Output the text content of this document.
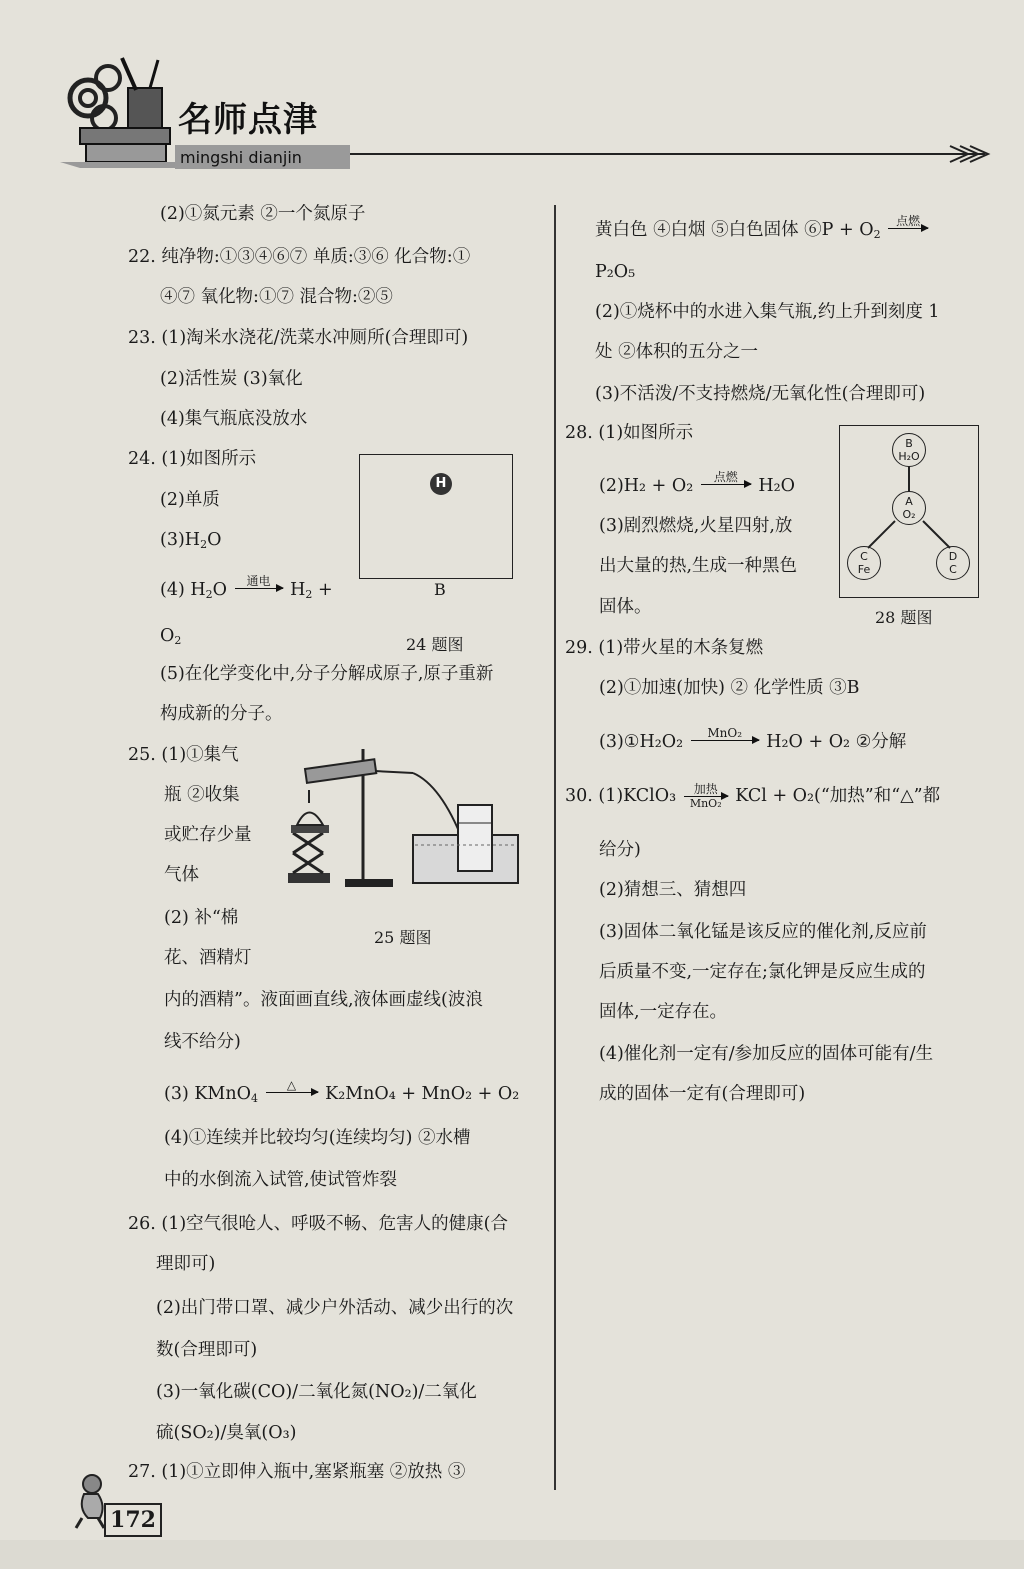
名师点津
mingshi dianjin
(2)①氮元素 ②一个氮原子
22. 纯净物:①③④⑥⑦ 单质:③⑥ 化合物:①
④⑦ 氧化物:①⑦ 混合物:②⑤
23. (1)淘米水浇花/洗菜水冲厕所(合理即可)
(2)活性炭 (3)氧化
(4)集气瓶底没放水
24. (1)如图所示
(2)单质
$(3)H_2O$
(4) $H_2O$	通电	$H_2$ +
$O_2$
(5)在化学变化中,分子分解成原子,原子重新
构成新的分子。
H
B
24 题图
25. (1)①集气
瓶 ②收集
或贮存少量
气体
(2) 补“棉
花、酒精灯
内的酒精”。液面画直线,液体画虚线(波浪
线不给分)
(3) KMnO$_4$
△	K₂MnO₄ + MnO₂ + O₂
(4)①连续并比较均匀(连续均匀) ②水槽
中的水倒流入试管,使试管炸裂
25 题图
26. (1)空气很呛人、呼吸不畅、危害人的健康(合
理即可)
(2)出门带口罩、减少户外活动、减少出行的次
数(合理即可)
(3)一氧化碳(CO)/二氧化氮(NO₂)/二氧化
硫(SO₂)/臭氧(O₃)
27. (1)①立即伸入瓶中,塞紧瓶塞 ②放热 ③
黄白色 ④白烟 ⑤白色固体 ⑥P + $O_2$
点燃
P₂O₅
(2)①烧杯中的水进入集气瓶,约上升到刻度 1
处 ②体积的五分之一
(3)不活泼/不支持燃烧/无氧化性(合理即可)
28. (1)如图所示
(2)H₂ + O₂	点燃	H₂O
(3)剧烈燃烧,火星四射,放
出大量的热,生成一种黑色
固体。
B
H₂O
A
O₂
C
Fe
D
C
28 题图
29. (1)带火星的木条复燃
(2)①加速(加快) ② 化学性质 ③B
(3)①H₂O₂	MnO₂	H₂O + O₂ ②分解
30. (1)KClO₃	加热
MnO₂ KCl + O₂(“加热”和“△”都
给分)
(2)猜想三、猜想四
(3)固体二氧化锰是该反应的催化剂,反应前
后质量不变,一定存在;氯化钾是反应生成的
固体,一定存在。
(4)催化剂一定有/参加反应的固体可能有/生
成的固体一定有(合理即可)
172
